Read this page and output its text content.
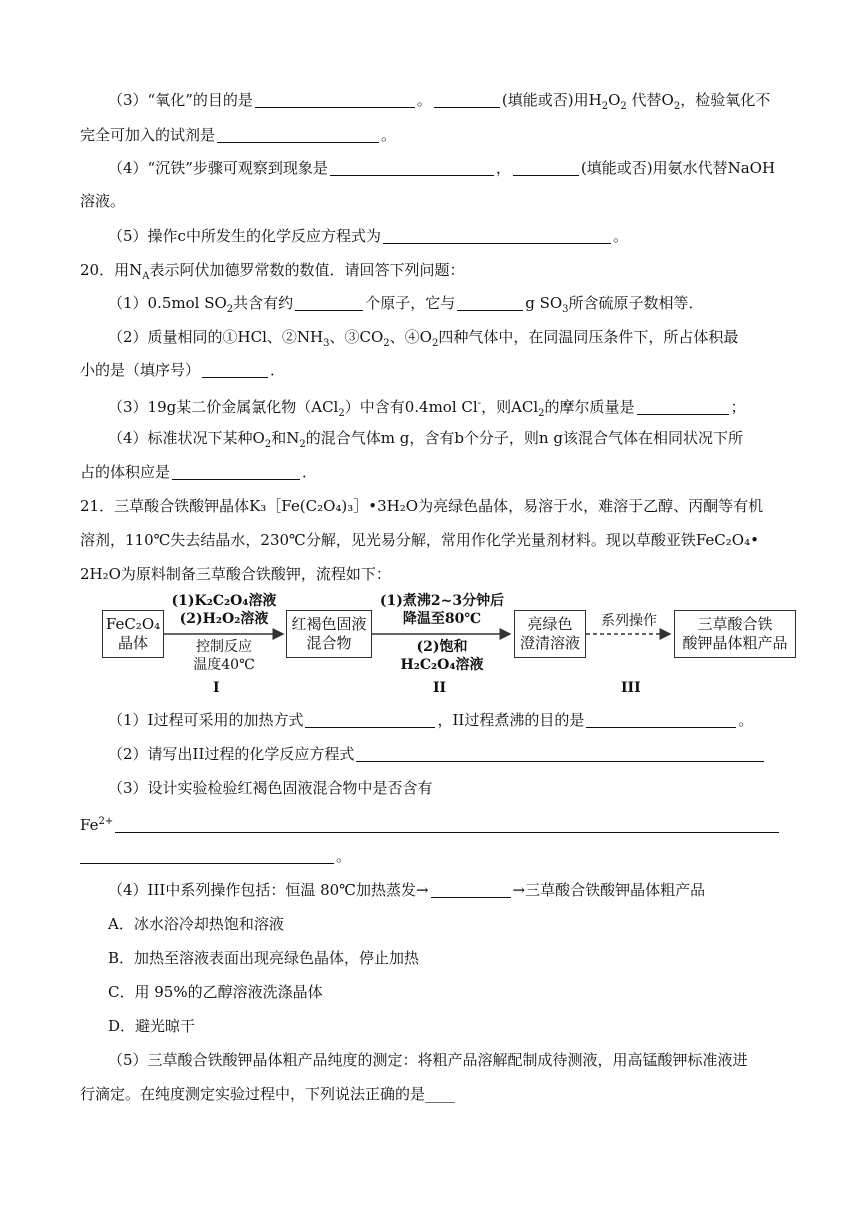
（3）“氧化”的目的是	。	(填能或否)用$H_2O_2$ 代替$O_2$，检验氧化不
完全可加入的试剂是	。
（4）“沉铁”步骤可观察到现象是	，	(填能或否)用氨水代替NaOH
溶液。
（5）操作c中所发生的化学反应方程式为	。
20．用$N_A$表示阿伏加德罗常数的数值．请回答下列问题：
（1）0.5mol $SO_2$共含有约	个原子，它与	g $SO_3$所含硫原子数相等．
（2）质量相同的①HCl、$②NH_3$、$③CO_2$、$④O_2$四种气体中，在同温同压条件下，所占体积最
小的是（填序号）	．
（3）19g某二价金属氯化物（ACl$_2$）中含有0.4mol Cl-，则ACl$_2$的摩尔质量是	；
（4）标准状况下某种$O_2$和$N_2$的混合气体m g，含有b个分子，则n g该混合气体在相同状况下所
占的体积应是	．
21．三草酸合铁酸钾晶体K₃［Fe(C₂O₄)₃］•3H₂O为亮绿色晶体，易溶于水，难溶于乙醇、丙酮等有机
溶剂，110℃失去结晶水，230℃分解，见光易分解，常用作化学光量剂材料。现以草酸亚铁FeC₂O₄•
2H₂O为原料制备三草酸合铁酸钾，流程如下：
FeC₂O₄
晶体
(1)K₂C₂O₄溶液
(2)H₂O₂溶液
控制反应
温度40℃
红褐色固液
混合物
(1)煮沸2~3分钟后
降温至80℃
(2)饱和
H₂C₂O₄溶液
亮绿色
澄清溶液
系列操作	三草酸合铁
酸钾晶体粗产品
I	II	III
（1）I过程可采用的加热方式	，II过程煮沸的目的是	。
（2）请写出II过程的化学反应方程式
（3）设计实验检验红褐色固液混合物中是否含有
$Fe^{2+}$
。
（4）III中系列操作包括：恒温 80℃加热蒸发→	→三草酸合铁酸钾晶体粗产品
A．冰水浴冷却热饱和溶液
B．加热至溶液表面出现亮绿色晶体，停止加热
C．用 95%的乙醇溶液洗涤晶体
D．避光晾干
（5）三草酸合铁酸钾晶体粗产品纯度的测定：将粗产品溶解配制成待测液，用高锰酸钾标准液进
行滴定。在纯度测定实验过程中，下列说法正确的是____
